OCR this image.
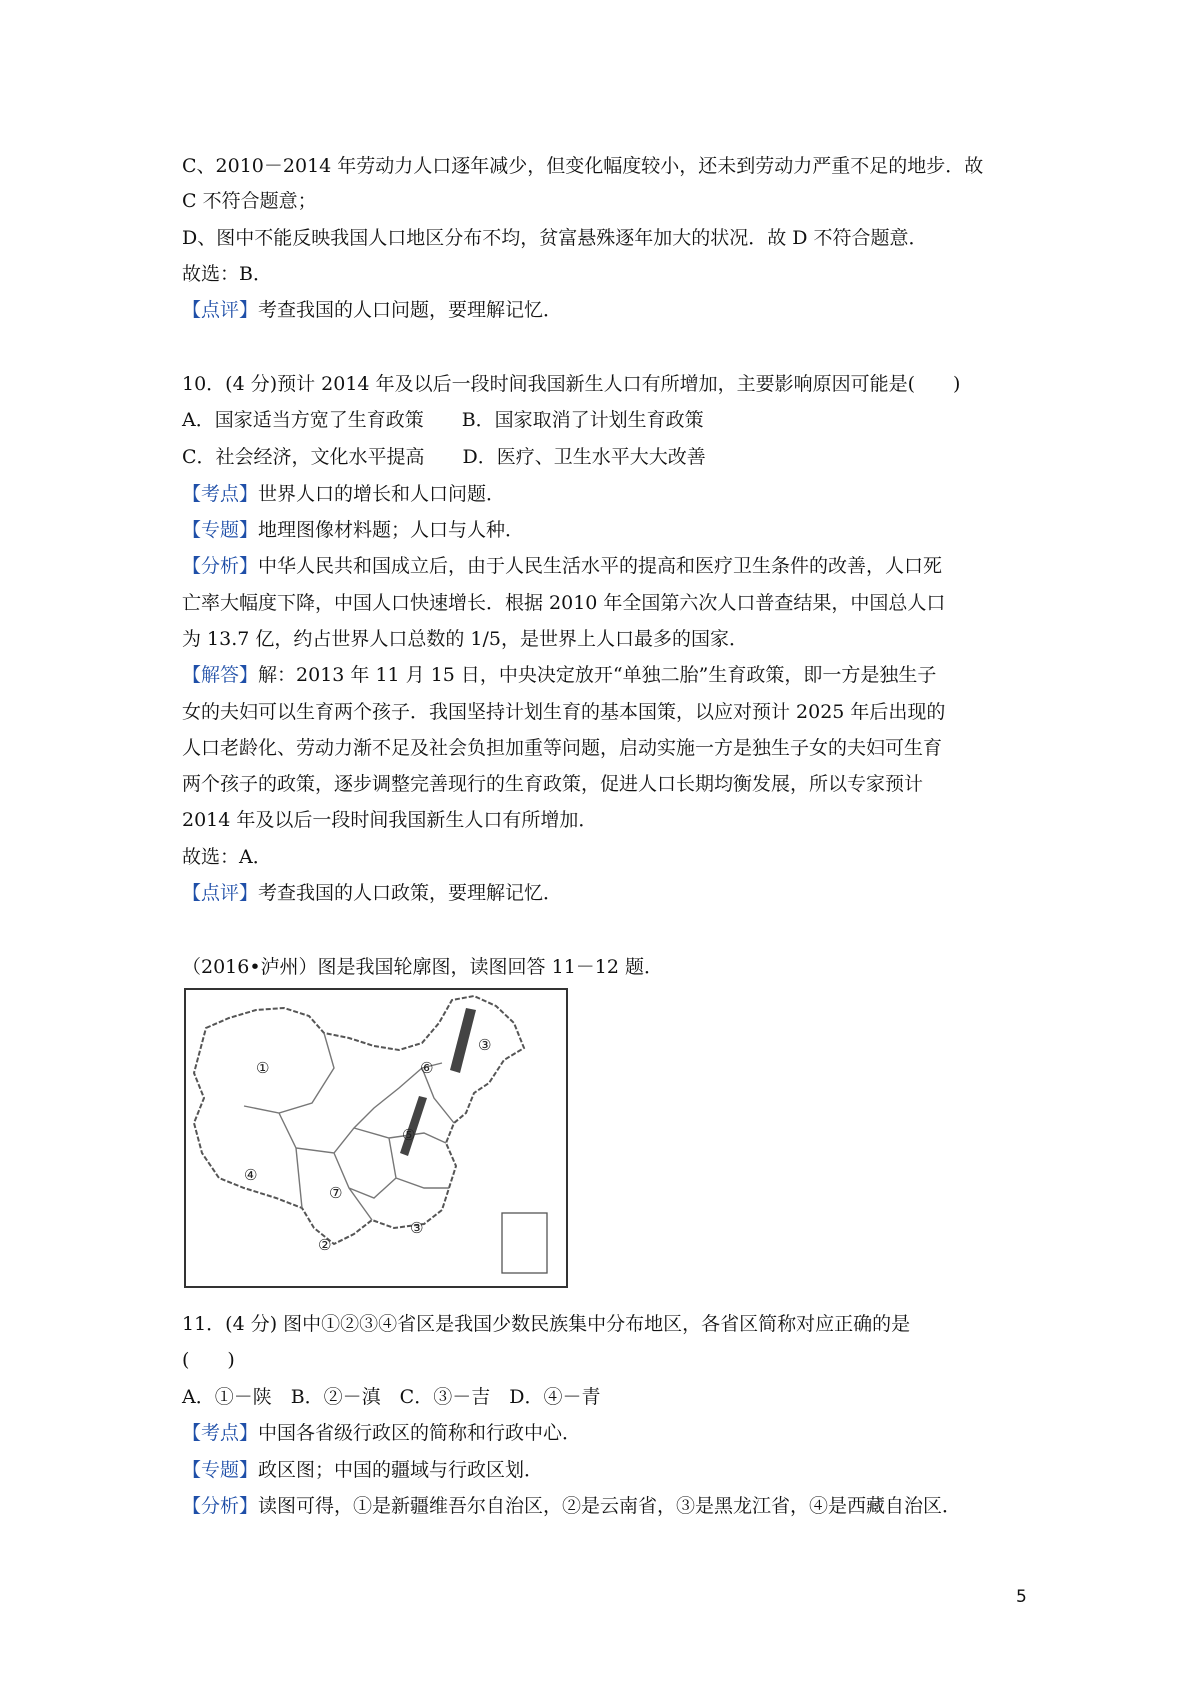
C、2010－2014 年劳动力人口逐年减少，但变化幅度较小，还未到劳动力严重不足的地步．故
C 不符合题意；
D、图中不能反映我国人口地区分布不均，贫富悬殊逐年加大的状况．故 D 不符合题意．
故选：B．
【点评】考查我国的人口问题，要理解记忆．
10．(4 分)预计 2014 年及以后一段时间我国新生人口有所增加，主要影响原因可能是(　　)
A．国家适当方宽了生育政策　　B．国家取消了计划生育政策
C．社会经济，文化水平提高　　D．医疗、卫生水平大大改善
【考点】世界人口的增长和人口问题．
【专题】地理图像材料题；人口与人种．
【分析】中华人民共和国成立后，由于人民生活水平的提高和医疗卫生条件的改善，人口死
亡率大幅度下降，中国人口快速增长．根据 2010 年全国第六次人口普查结果，中国总人口
为 13.7 亿，约占世界人口总数的 1/5，是世界上人口最多的国家．
【解答】解：2013 年 11 月 15 日，中央决定放开“单独二胎”生育政策，即一方是独生子
女的夫妇可以生育两个孩子．我国坚持计划生育的基本国策，以应对预计 2025 年后出现的
人口老龄化、劳动力渐不足及社会负担加重等问题，启动实施一方是独生子女的夫妇可生育
两个孩子的政策，逐步调整完善现行的生育政策，促进人口长期均衡发展，所以专家预计
2014 年及以后一段时间我国新生人口有所增加．
故选：A．
【点评】考查我国的人口政策，要理解记忆．
（2016•泸州）图是我国轮廓图，读图回答 11－12 题．
①
②
③
④
⑤
⑥
⑦
③
11．(4 分) 图中①②③④省区是我国少数民族集中分布地区，各省区简称对应正确的是
(　　)
A．①－陕　B．②－滇　C．③－吉　D．④－青
【考点】中国各省级行政区的简称和行政中心．
【专题】政区图；中国的疆域与行政区划．
【分析】读图可得，①是新疆维吾尔自治区，②是云南省，③是黑龙江省，④是西藏自治区．
5
